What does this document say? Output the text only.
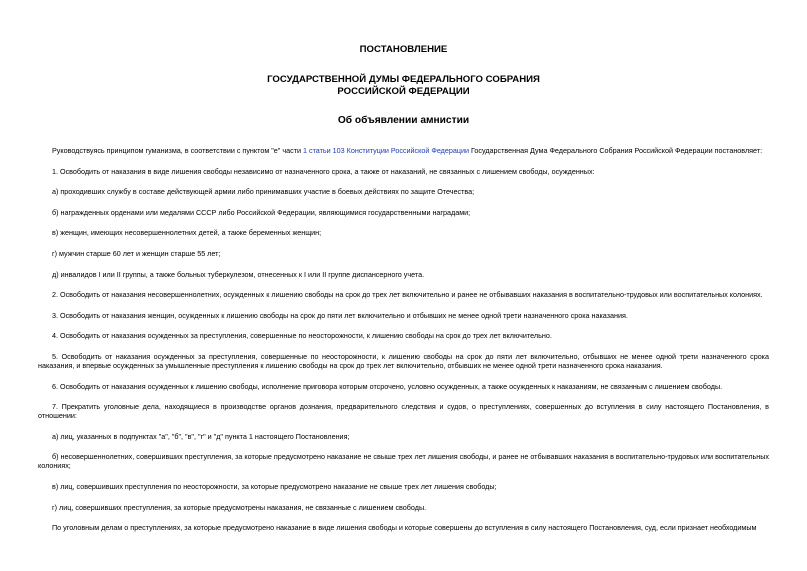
ПОСТАНОВЛЕНИЕ
ГОСУДАРСТВЕННОЙ ДУМЫ ФЕДЕРАЛЬНОГО СОБРАНИЯ
РОССИЙСКОЙ ФЕДЕРАЦИИ
Об объявлении амнистии

Руководствуясь принципом гуманизма, в соответствии с пунктом "е" части 1 статьи 103 Конституции Российской Федерации Государственная Дума Федерального Собрания Российской Федерации постановляет:

1. Освободить от наказания в виде лишения свободы независимо от назначенного срока, а также от наказаний, не связанных с лишением свободы, осужденных:

а) проходивших службу в составе действующей армии либо принимавших участие в боевых действиях по защите Отечества;

б) награжденных орденами или медалями СССР либо Российской Федерации, являющимися государственными наградами;

в) женщин, имеющих несовершеннолетних детей, а также беременных женщин;

г) мужчин старше 60 лет и женщин старше 55 лет;

д) инвалидов I или II группы, а также больных туберкулезом, отнесенных к I или II группе диспансерного учета.

2. Освободить от наказания несовершеннолетних, осужденных к лишению свободы на срок до трех лет включительно и ранее не отбывавших наказания в воспитательно-трудовых или воспитательных колониях.

3. Освободить от наказания женщин, осужденных к лишению свободы на срок до пяти лет включительно и отбывших не менее одной трети назначенного срока наказания.

4. Освободить от наказания осужденных за преступления, совершенные по неосторожности, к лишению свободы на срок до трех лет включительно.

5. Освободить от наказания осужденных за преступления, совершенные по неосторожности, к лишению свободы на срок до пяти лет включительно, отбывших не менее одной трети назначенного срока наказания, и впервые осужденных за умышленные преступления к лишению свободы на срок до трех лет включительно, отбывших не менее одной трети назначенного срока наказания.

6. Освободить от наказания осужденных к лишению свободы, исполнение приговора которым отсрочено, условно осужденных, а также осужденных к наказаниям, не связанным с лишением свободы.

7. Прекратить уголовные дела, находящиеся в производстве органов дознания, предварительного следствия и судов, о преступлениях, совершенных до вступления в силу настоящего Постановления, в отношении:

а) лиц, указанных в подпунктах "а", "б", "в", "г" и "д" пункта 1 настоящего Постановления;

б) несовершеннолетних, совершивших преступления, за которые предусмотрено наказание не свыше трех лет лишения свободы, и ранее не отбывавших наказания в воспитательно-трудовых или воспитательных колониях;

в) лиц, совершивших преступления по неосторожности, за которые предусмотрено наказание не свыше трех лет лишения свободы;

г) лиц, совершивших преступления, за которые предусмотрены наказания, не связанные с лишением свободы.

По уголовным делам о преступлениях, за которые предусмотрено наказание в виде лишения свободы и которые совершены до вступления в силу настоящего Постановления, суд, если признает необходимым
